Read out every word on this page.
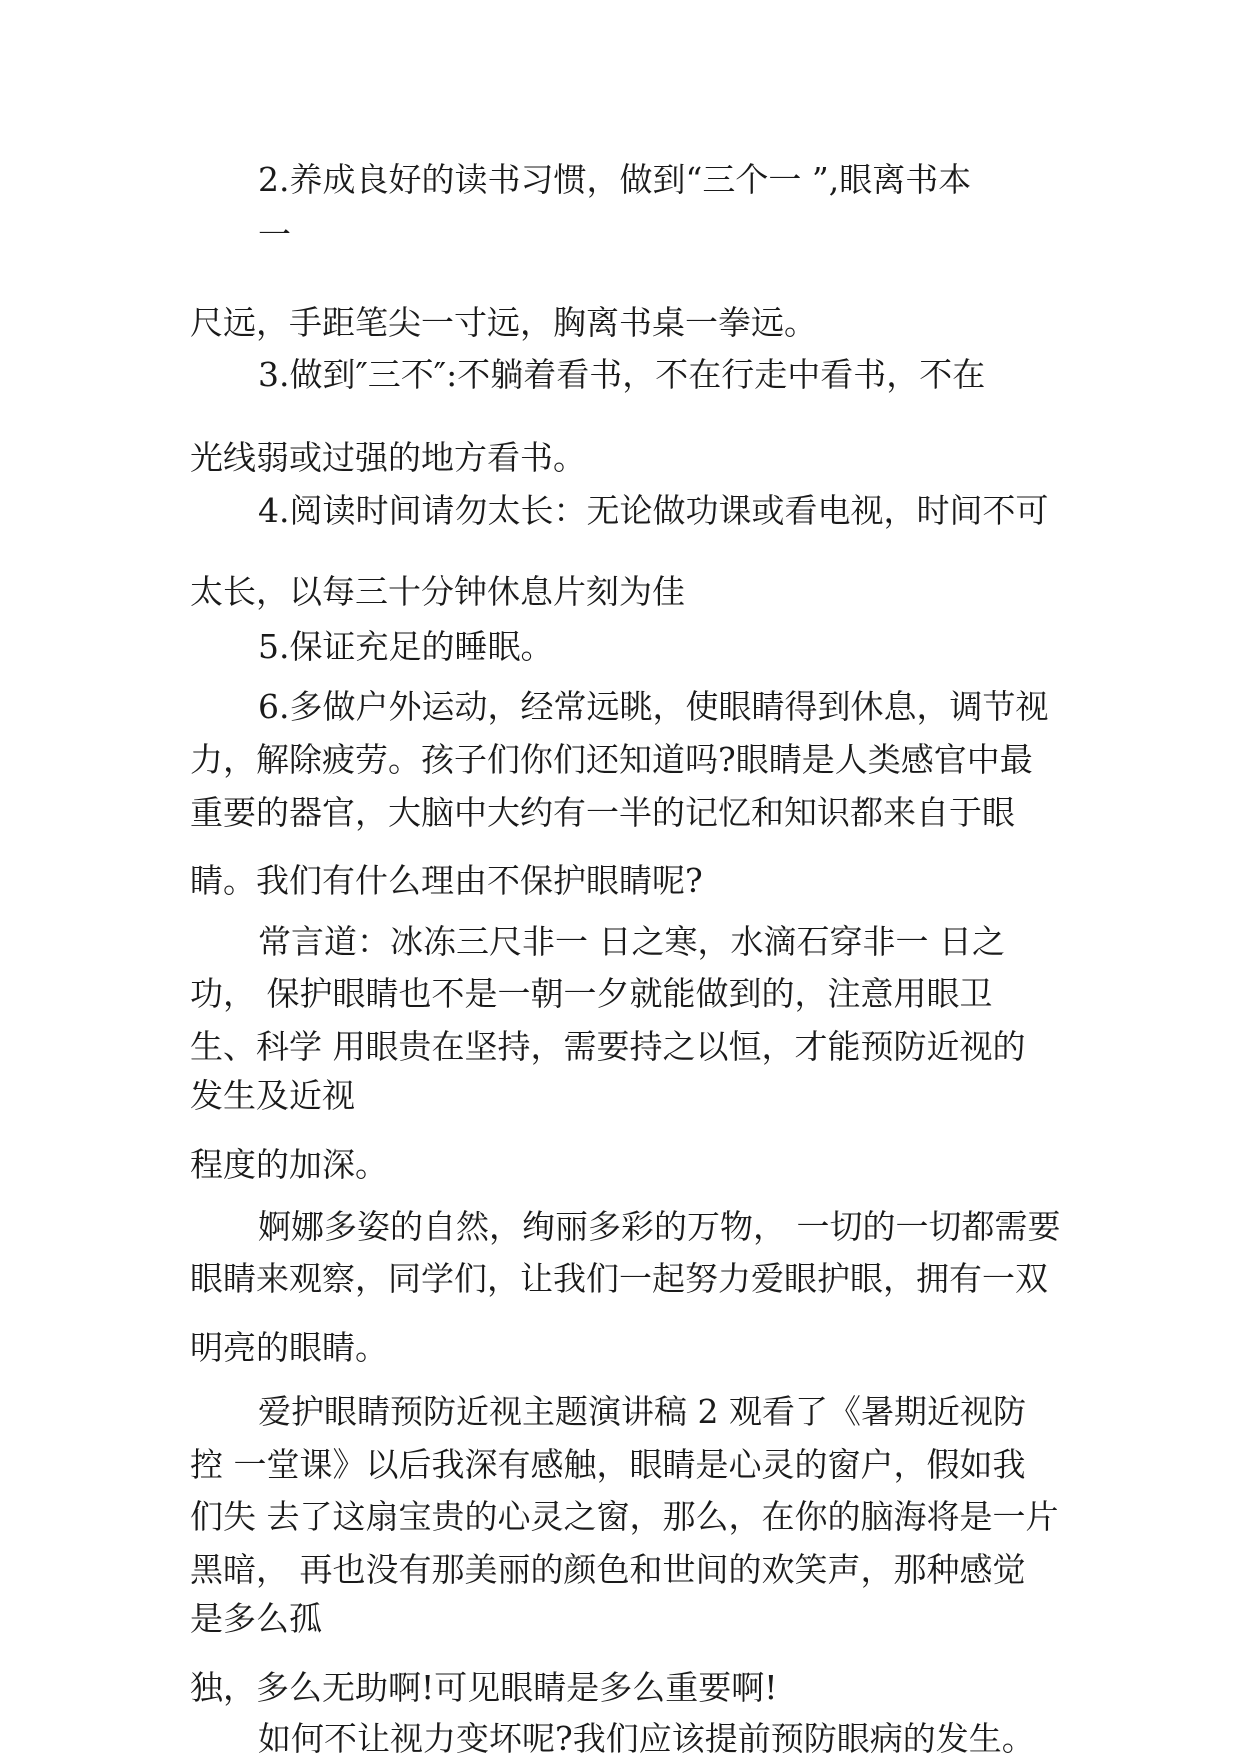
2.养成良好的读书习惯，做到“三个一 ”,眼离书本

一

尺远，手距笔尖一寸远，胸离书桌一拳远。

3.做到″三不″:不躺着看书，不在行走中看书，不在

光线弱或过强的地方看书。

4.阅读时间请勿太长：无论做功课或看电视，时间不可

太长，以每三十分钟休息片刻为佳

5.保证充足的睡眠。

6.多做户外运动，经常远眺，使眼睛得到休息，调节视

力，解除疲劳。孩子们你们还知道吗?眼睛是人类感官中最

重要的器官，大脑中大约有一半的记忆和知识都来自于眼

睛。我们有什么理由不保护眼睛呢?

常言道：冰冻三尺非一 日之寒，水滴石穿非一 日之

功， 保护眼睛也不是一朝一夕就能做到的，注意用眼卫

生、科学 用眼贵在坚持，需要持之以恒，才能预防近视的

发生及近视

程度的加深。

婀娜多姿的自然，绚丽多彩的万物， 一切的一切都需要

眼睛来观察，同学们，让我们一起努力爱眼护眼，拥有一双

明亮的眼睛。

爱护眼睛预防近视主题演讲稿 2 观看了《暑期近视防

控 一堂课》以后我深有感触，眼睛是心灵的窗户，假如我

们失 去了这扇宝贵的心灵之窗，那么，在你的脑海将是一片

黑暗， 再也没有那美丽的颜色和世间的欢笑声，那种感觉

是多么孤

独，多么无助啊!可见眼睛是多么重要啊!

如何不让视力变坏呢?我们应该提前预防眼病的发生。
